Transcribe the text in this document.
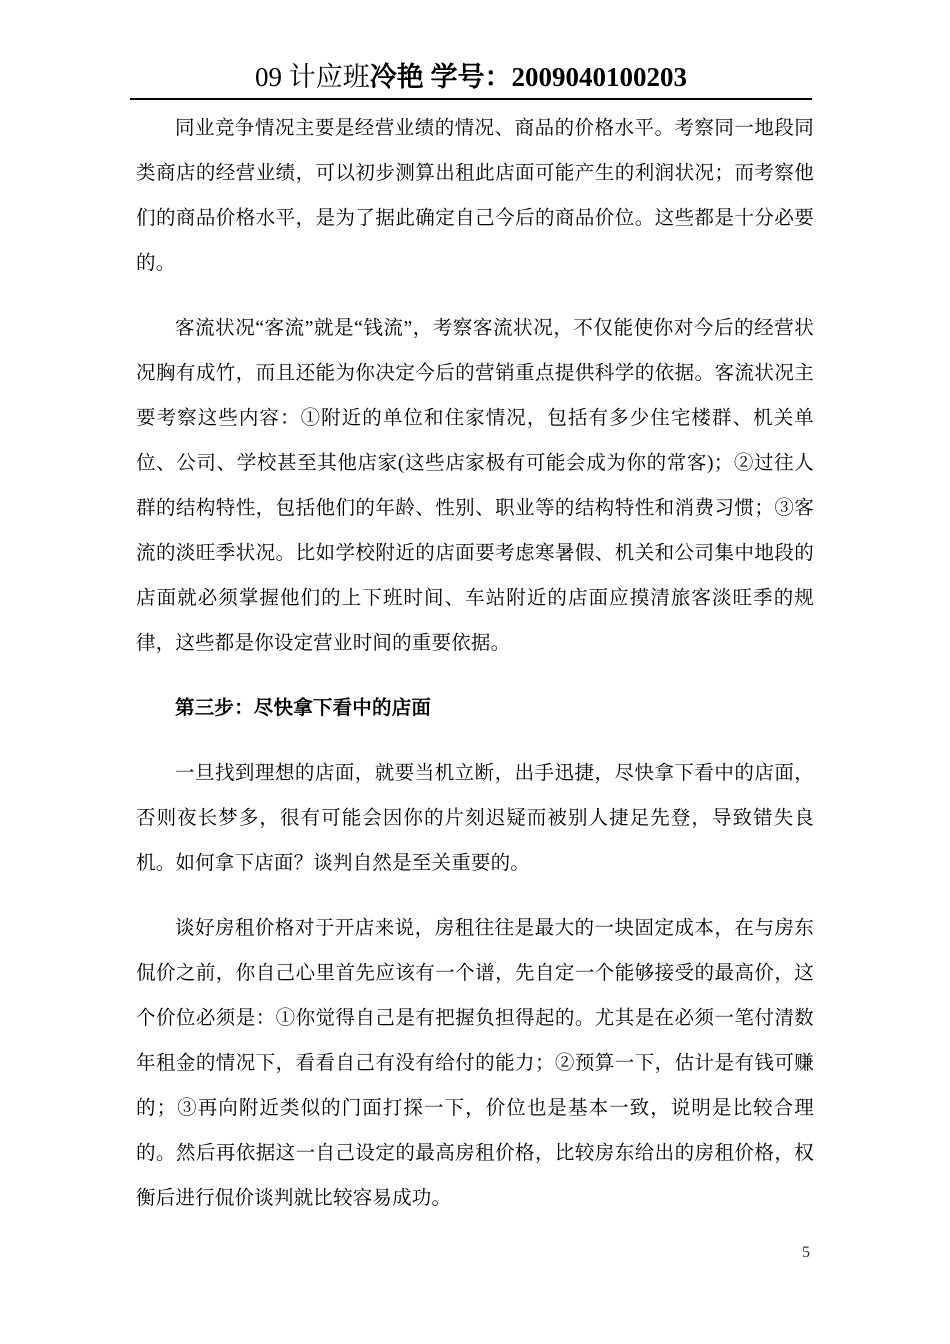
09 计应班冷艳 学号：2009040100203

同业竞争情况主要是经营业绩的情况、商品的价格水平。考察同一地段同类商店的经营业绩，可以初步测算出租此店面可能产生的利润状况；而考察他们的商品价格水平，是为了据此确定自己今后的商品价位。这些都是十分必要的。

客流状况“客流”就是“钱流”，考察客流状况，不仅能使你对今后的经营状况胸有成竹，而且还能为你决定今后的营销重点提供科学的依据。客流状况主要考察这些内容：①附近的单位和住家情况，包括有多少住宅楼群、机关单位、公司、学校甚至其他店家(这些店家极有可能会成为你的常客)；②过往人群的结构特性，包括他们的年龄、性别、职业等的结构特性和消费习惯；③客流的淡旺季状况。比如学校附近的店面要考虑寒暑假、机关和公司集中地段的店面就必须掌握他们的上下班时间、车站附近的店面应摸清旅客淡旺季的规律，这些都是你设定营业时间的重要依据。

第三步：尽快拿下看中的店面

一旦找到理想的店面，就要当机立断，出手迅捷，尽快拿下看中的店面，否则夜长梦多，很有可能会因你的片刻迟疑而被别人捷足先登，导致错失良机。如何拿下店面？谈判自然是至关重要的。

谈好房租价格对于开店来说，房租往往是最大的一块固定成本，在与房东侃价之前，你自己心里首先应该有一个谱，先自定一个能够接受的最高价，这个价位必须是：①你觉得自己是有把握负担得起的。尤其是在必须一笔付清数年租金的情况下，看看自己有没有给付的能力；②预算一下，估计是有钱可赚的；③再向附近类似的门面打探一下，价位也是基本一致，说明是比较合理的。然后再依据这一自己设定的最高房租价格，比较房东给出的房租价格，权衡后进行侃价谈判就比较容易成功。

5
